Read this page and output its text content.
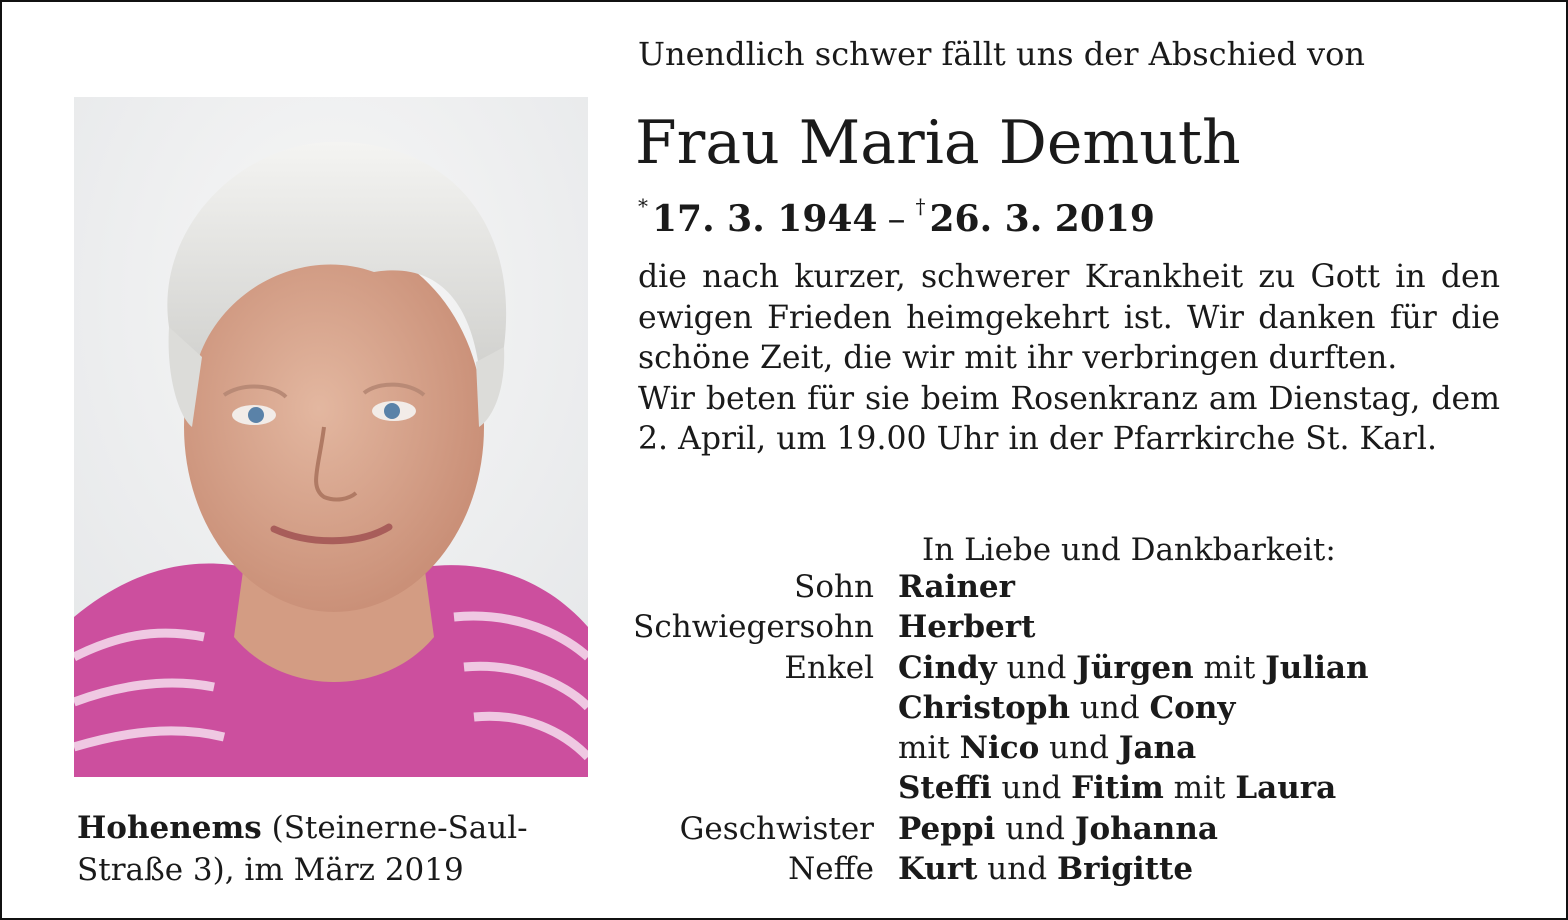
Unendlich schwer fällt uns der Abschied von
Frau Maria Demuth
* 17. 3. 1944 – † 26. 3. 2019

die nach kurzer, schwerer Krankheit zu Gott in den ewigen Frieden heimgekehrt ist. Wir danken für die schöne Zeit, die wir mit ihr verbringen durften.

Wir beten für sie beim Rosenkranz am Dienstag, dem 2. April, um 19.00 Uhr in der Pfarrkirche St. Karl.

In Liebe und Dankbarkeit:
Sohn Rainer
Schwiegersohn Herbert
Enkel Cindy und Jürgen mit Julian
Christoph und Cony
mit Nico und Jana
Steffi und Fitim mit Laura
Geschwister Peppi und Johanna
Neffe Kurt und Brigitte
Hohenems (Steinerne-Saul-Straße 3), im März 2019
